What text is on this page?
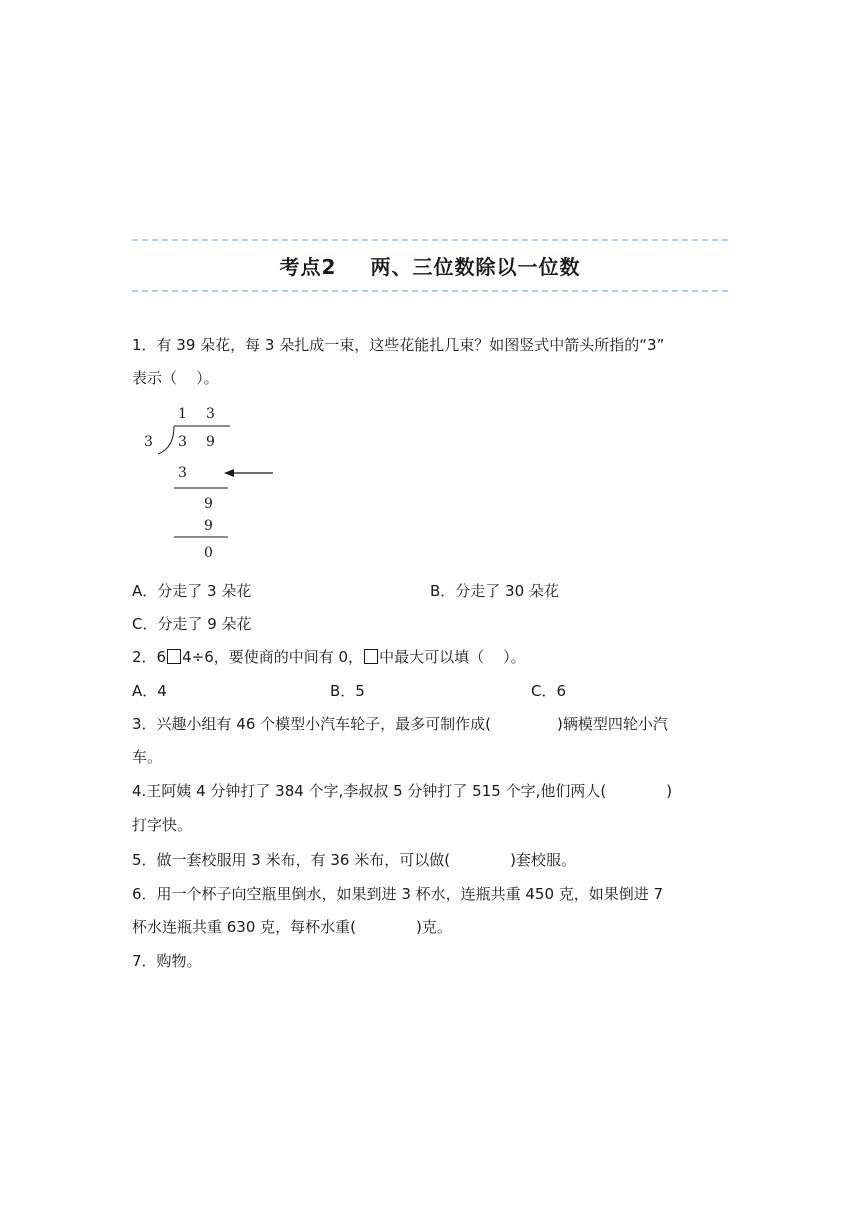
考点2 两、三位数除以一位数
1．有 39 朵花，每 3 朵扎成一束，这些花能扎几束？如图竖式中箭头所指的“3”
表示（    ）。
1 3
3 3 9
3
9
9
0
A．分走了 3 朵花	B．分走了 30 朵花
C．分走了 9 朵花
2．6 4÷6，要使商的中间有 0， 中最大可以填（    ）。
A．4	B．5	C．6
3．兴趣小组有 46 个模型小汽车轮子，最多可制作成(	)辆模型四轮小汽
车。
4.王阿姨 4 分钟打了 384 个字,李叔叔 5 分钟打了 515 个字,他们两人(	)
打字快。
5．做一套校服用 3 米布，有 36 米布，可以做(	)套校服。
6．用一个杯子向空瓶里倒水，如果到进 3 杯水，连瓶共重 450 克，如果倒进 7
杯水连瓶共重 630 克，每杯水重(	)克。
7．购物。
